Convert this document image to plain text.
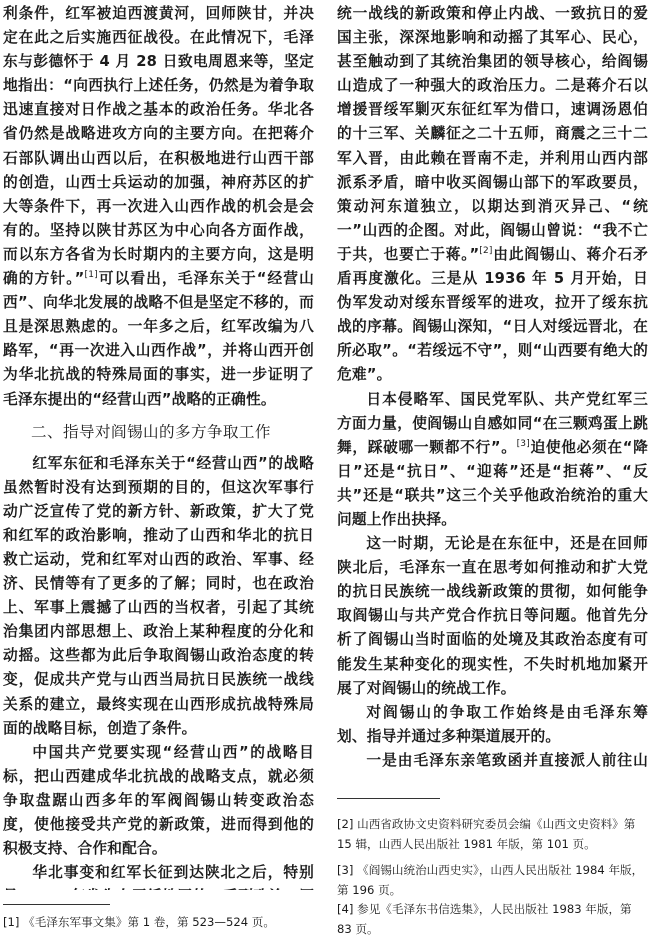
利条件，红军被迫西渡黄河，回师陕甘，并决定在此之后实施西征战役。在此情况下，毛泽东与彭德怀于 4 月 28 日致电周恩来等，坚定地指出：“向西执行上述任务，仍然是为着争取迅速直接对日作战之基本的政治任务。华北各省仍然是战略进攻方向的主要方向。在把蒋介石部队调出山西以后，在积极地进行山西干部的创造，山西士兵运动的加强，神府苏区的扩大等条件下，再一次进入山西作战的机会是会有的。坚持以陕甘苏区为中心向各方面作战，而以东方各省为长时期内的主要方向，这是明确的方针。”[1]可以看出，毛泽东关于“经营山西”、向华北发展的战略不但是坚定不移的，而且是深思熟虑的。一年多之后，红军改编为八路军，“再一次进入山西作战”，并将山西开创为华北抗战的特殊局面的事实，进一步证明了毛泽东提出的“经营山西”战略的正确性。

二、指导对阎锡山的多方争取工作

红军东征和毛泽东关于“经营山西”的战略虽然暂时没有达到预期的目的，但这次军事行动广泛宣传了党的新方针、新政策，扩大了党和红军的政治影响，推动了山西和华北的抗日救亡运动，党和红军对山西的政治、军事、经济、民情等有了更多的了解；同时，也在政治上、军事上震撼了山西的当权者，引起了其统治集团内部思想上、政治上某种程度的分化和动摇。这些都为此后争取阎锡山政治态度的转变，促成共产党与山西当局抗日民族统一战线关系的建立，最终实现在山西形成抗战特殊局面的战略目标，创造了条件。

中国共产党要实现“经营山西”的战略目标，把山西建成华北抗战的战略支点，就必须争取盘踞山西多年的军阀阎锡山转变政治态度，使他接受共产党的新政策，进而得到他的积极支持、合作和配合。

华北事变和红军长征到达陕北之后，特别

[1] 《毛泽东军事文集》第 1 卷，第 523—524 页。

统一战线的新政策和停止内战、一致抗日的爱国主张，深深地影响和动摇了其军心、民心，甚至触动到了其统治集团的领导核心，给阎锡山造成了一种强大的政治压力。二是蒋介石以增援晋绥军剿灭东征红军为借口，速调汤恩伯的十三军、关麟征之二十五师，商震之三十二军入晋，由此赖在晋南不走，并利用山西内部派系矛盾，暗中收买阎锡山部下的军政要员，策动河东道独立，以期达到消灭异己、“统一”山西的企图。对此，阎锡山曾说：“我不亡于共，也要亡于蒋。”[2]由此阎锡山、蒋介石矛盾再度激化。三是从 1936 年 5 月开始，日伪军发动对绥东晋绥军的进攻，拉开了绥东抗战的序幕。阎锡山深知，“日人对绥远晋北，在所必取”。“若绥远不守”，则“山西要有绝大的危难”。

日本侵略军、国民党军队、共产党红军三方面力量，使阎锡山自感如同“在三颗鸡蛋上跳舞，踩破哪一颗都不行”。[3]迫使他必须在“降日”还是“抗日”、“迎蒋”还是“拒蒋”、“反共”还是“联共”这三个关乎他政治统治的重大问题上作出抉择。

这一时期，无论是在东征中，还是在回师陕北后，毛泽东一直在思考如何推动和扩大党的抗日民族统一战线新政策的贯彻，如何能争取阎锡山与共产党合作抗日等问题。他首先分析了阎锡山当时面临的处境及其政治态度有可能发生某种变化的现实性，不失时机地加紧开展了对阎锡山的统战工作。

对阎锡山的争取工作始终是由毛泽东筹划、指导并通过多种渠道展开的。

一是由毛泽东亲笔致函并直接派人前往山

[2] 山西省政协文史资料研究委员会编《山西文史资料》第 15 辑，山西人民出版社 1981 年版，第 101 页。

[3] 《阎锡山统治山西史实》，山西人民出版社 1984 年版，第 196 页。

[4] 参见《毛泽东书信选集》，人民出版社 1983 年版，第 83 页。
